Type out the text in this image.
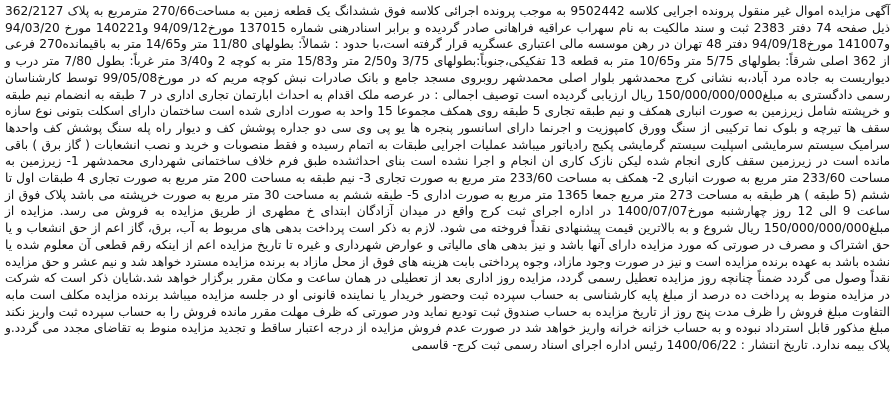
آگهی مزایده اموال غیر منقول پرونده اجرایی کلاسه 9502442 به موجب پرونده اجرائی کلاسه فوق ششدانگ یک قطعه زمین به مساحت270/66 مترمربع به پلاک 362/2127 ذیل صفحه 74 دفتر 2383 ثبت و سند مالکیت به نام سهراب عراقیه فراهانی صادر گردیده و برابر اسنادرهنی شماره 137015 مورخ94/09/12 و140221 مورخ 94/03/20 و141007 مورخ94/09/18 دفتر 48 تهران در رهن موسسه مالی اعتباری عسگریه قرار گرفته است،با حدود : شمالاً: بطولهای 11/80 متر و14/65 متر به باقیمانده270 فرعی از 362 اصلی شرقاً: بطولهای 5/75 متر و10/65 متر به قطعه 13 تفکیکی،جنوباً:بطولهای 3/75 و2/50 متر و15/83 متر به کوچه 2 و3/40 متر غرباً: بطول 7/80 متر درب و دیواریست به جاده مرد آباد،به نشانی کرج محمدشهر بلوار اصلی محمدشهر روبروی مسجد جامع و بانک صادرات نبش کوچه مریم که در مورخ99/05/08 توسط کارشناسان رسمی دادگستری به مبلغ150/000/000/000 ریال ارزیابی گردیده است توصیف اجمالی : در عرصه ملک اقدام به احداث ابارتمان تجاری اداری در 7 طبقه به انضمام نیم طبقه و خرپشته شامل زیرزمین به صورت انباری همکف و نیم طبقه تجاری 5 طبقه روی همکف مجموعا 15 واحد به صورت اداری شده است ساختمان دارای اسکلت بتونی نوع سازه سقف ها تیرچه و بلوک نما ترکیبی از سنگ وورق کامپوزیت و اجرنما دارای اسانسور پنجره ها یو پی وی سی دو جداره پوشش کف و دیوار راه پله سنگ پوشش کف واحدها سرامیک سیستم سرمایشی اسپلیت سیستم گرمایشی پکیج رادیاتور میباشد عملیات اجرایی طبقات به اتمام رسیده و فقط منصوبات و خرید و نصب انشعابات ( گاز برق ) باقی مانده است در زیرزمین سقف کاری انجام شده لیکن نازک کاری ان انجام و اجرا نشده است بنای احداثشده طبق فرم خلاف ساختمانی شهرداری محمدشهر 1- زیرزمین به مساحت 233/60 متر مربع به صورت انباری 2- همکف به مساحت 233/60 متر مربع به صورت تجاری 3- نیم طبقه به مساحت 200 متر مربع به صورت تجاری 4 طبقات اول تا ششم (5 طبقه ) هر طبقه به مساحت 273 متر مربع جمعا 1365 متر مربع به صورت اداری 5- طبقه ششم به مساحت 30 متر مربع به صورت خرپشته می باشد پلاک فوق از ساعت 9 الی 12 روز چهارشنبه مورخ1400/07/07 در اداره اجرای ثبت کرج واقع در میدان آزادگان ابتدای خ مطهری از طریق مزایده به فروش می رسد. مزایده از مبلغ150/000/000/000 ریال شروع و به بالاترین قیمت پیشنهادی نقداً فروخته می شود. لازم به ذکر است پرداخت بدهی های مربوط به آب، برق، گاز اعم از حق انشعاب و یا حق اشتراک و مصرف در صورتی که مورد مزایده دارای آنها باشد و نیز بدهی های مالیاتی و عوارض شهرداری و غیره تا تاریخ مزایده اعم از اینکه رقم قطعی آن معلوم شده یا نشده باشد به عهده برنده مزایده است و نیز در صورت وجود مازاد، وجوه پرداختی بابت هزینه های فوق از محل مازاد به برنده مزایده مسترد خواهد شد و نیم عشر و حق مزایده نقداً وصول می گردد ضمناً چنانچه روز مزایده تعطیل رسمی گردد، مزایده روز اداری بعد از تعطیلی در همان ساعت و مکان مقرر برگزار خواهد شد.شایان ذکر است که شرکت در مزایده منوط به پرداخت ده درصد از مبلغ پایه کارشناسی به حساب سپرده ثبت وحضور خریدار یا نماینده قانونی او در جلسه مزایده میباشد برنده مزایده مکلف است مابه التفاوت مبلغ فروش را ظرف مدت پنج روز از تاریخ مزایده به حساب صندوق ثبت تودیع نماید ودر صورتی که ظرف مهلت مقرر مانده فروش را به حساب سپرده ثبت واریز نکند مبلغ مذکور قابل استرداد نبوده و به حساب خزانه خرانه واریز خواهد شد در صورت عدم فروش مزایده از درجه اعتبار ساقط و تجدید مزایده منوط به تقاضای مجدد می گردد.و پلاک بیمه ندارد. تاریخ انتشار : 1400/06/22 رئیس اداره اجرای اسناد رسمی ثبت کرج- قاسمی
